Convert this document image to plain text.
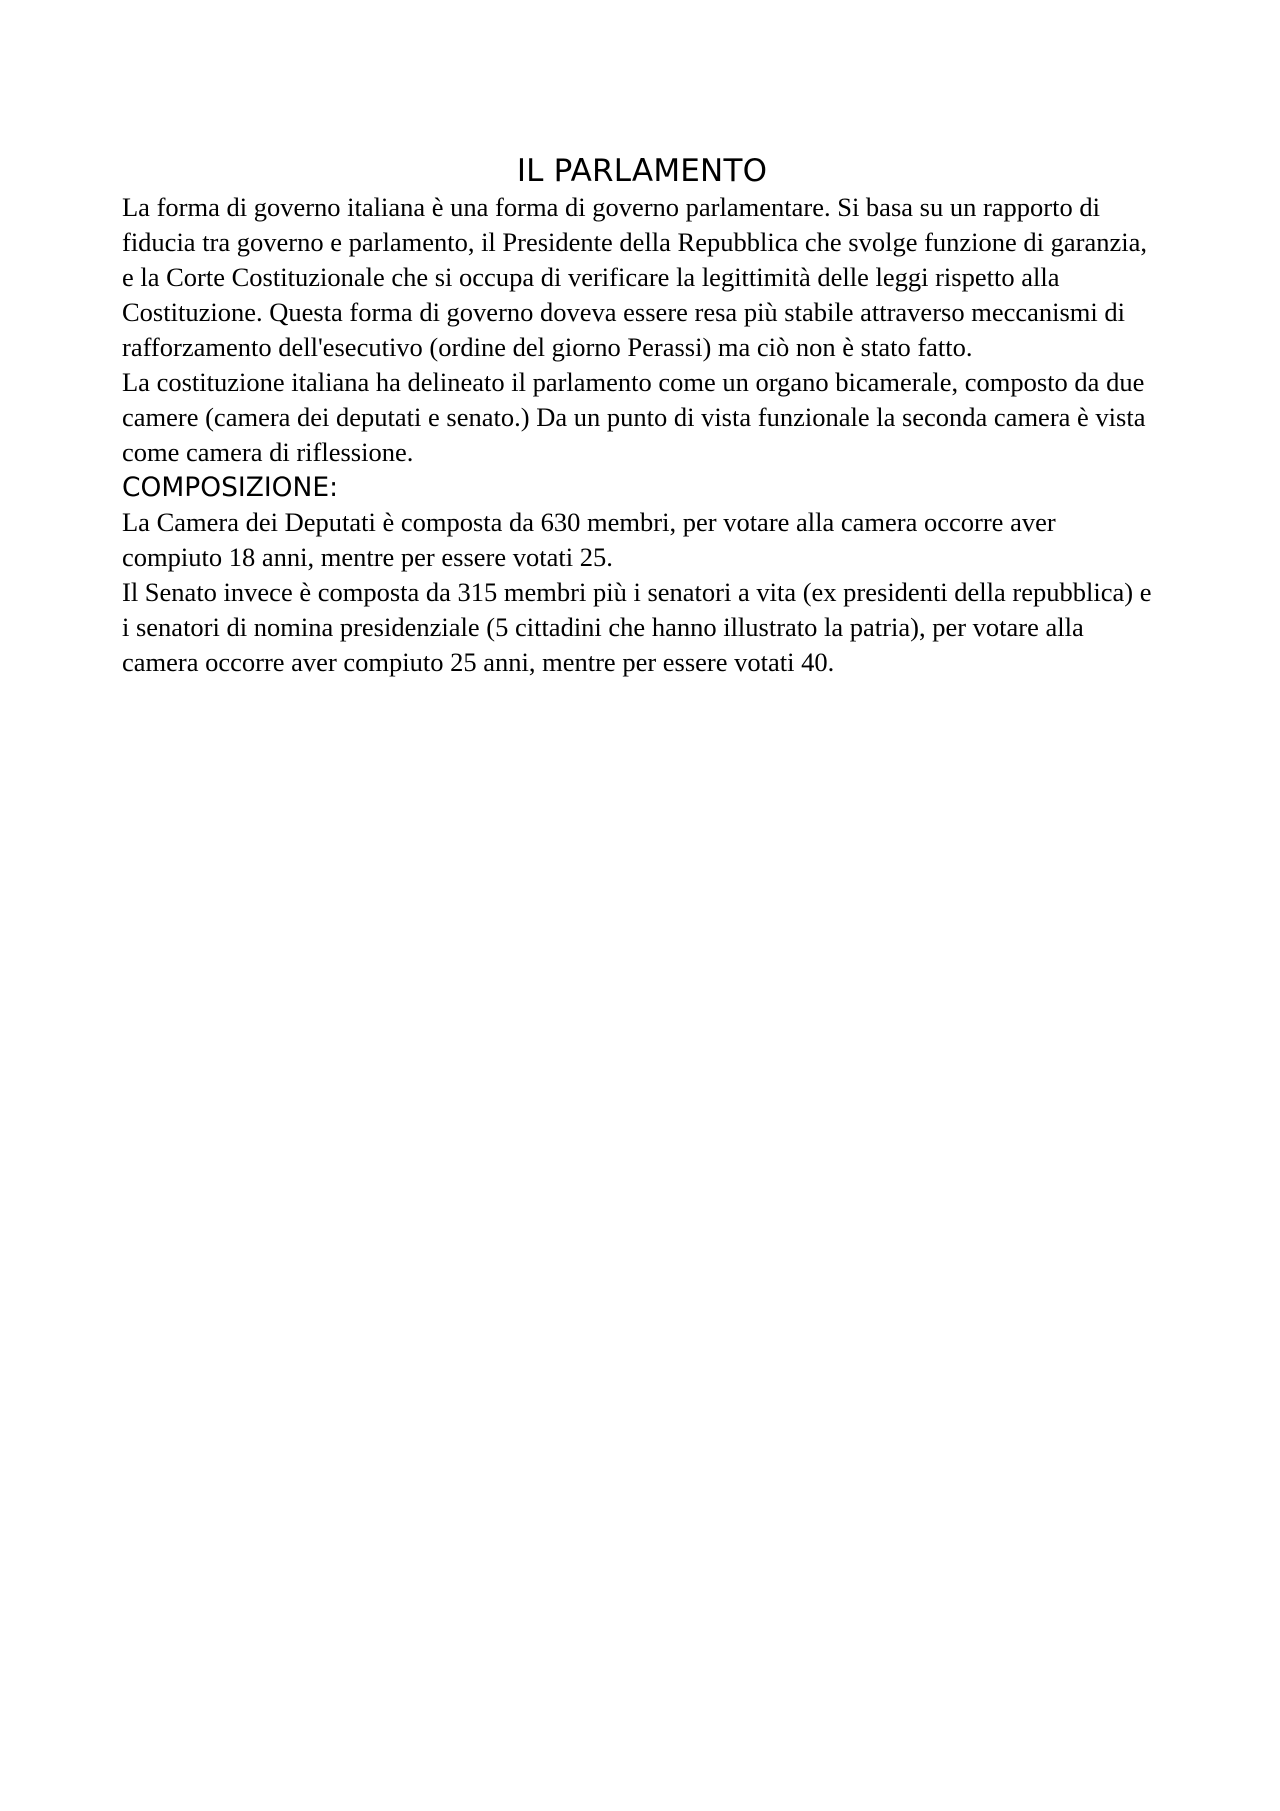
IL PARLAMENTO

La forma di governo italiana è una forma di governo parlamentare. Si basa su un rapporto di fiducia tra governo e parlamento, il Presidente della Repubblica che svolge funzione di garanzia, e la Corte Costituzionale che si occupa di verificare la legittimità delle leggi rispetto alla Costituzione. Questa forma di governo doveva essere resa più stabile attraverso meccanismi di rafforzamento dell'esecutivo (ordine del giorno Perassi) ma ciò non è stato fatto.

La costituzione italiana ha delineato il parlamento come un organo bicamerale, composto da due camere (camera dei deputati e senato.) Da un punto di vista funzionale la seconda camera è vista come camera di riflessione.

COMPOSIZIONE:

La Camera dei Deputati è composta da 630 membri, per votare alla camera occorre aver compiuto 18 anni, mentre per essere votati 25.

Il Senato invece è composta da 315 membri più i senatori a vita (ex presidenti della repubblica) e i senatori di nomina presidenziale (5 cittadini che hanno illustrato la patria), per votare alla camera occorre aver compiuto 25 anni, mentre per essere votati 40.
